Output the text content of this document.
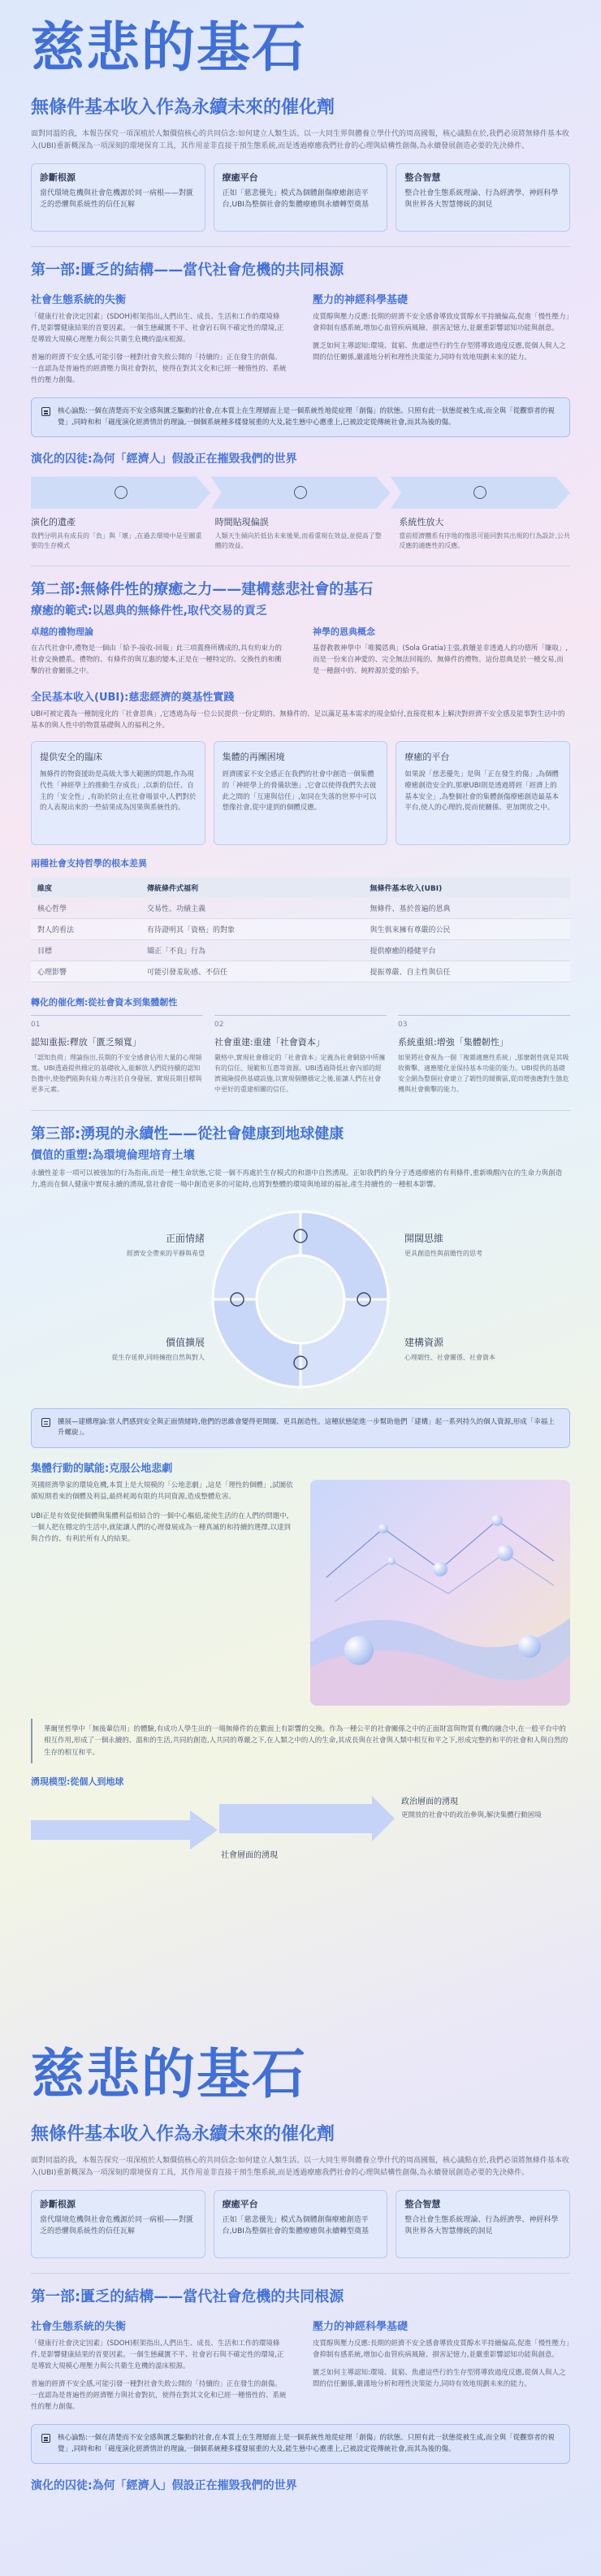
慈悲的基石
無條件基本收入作為永續未來的催化劑

面對同溫的我，本報告探究一項深植於人類價值核心的共同信念:如何建立人類生活。以一大同生界與體養立學什代的周高國報，核心議點在於,我們必須將無條件基本收入(UBI)重新概深為一項深刻的環境保育工具，其作用並非直接干預生態系統,而是透過療癒我們社會的心理與結構性創傷,為永續發展創造必要的先決條件。

診斷根源
當代環境危機與社會危機源於同一病根——對匱乏的恐懼與系統性的信任瓦解
療癒平台
正如「慈悲優先」模式為個體創傷療癒創造平台,UBI為整個社會的集體療癒與永續轉型奠基
整合智慧
整合社會生態系統理論、行為經濟學、神經科學與世界各大智慧傳統的洞見
第一部:匱乏的結構——當代社會危機的共同根源
社會生態系統的失衡

「健康行社會決定因素」(SDOH)框架指出,人們出生、成長、生活和工作的環境條件,是影響健康結果的首要因素。一個生態藏匱不平、社會岩石與不確定性的環境,正是導致大規模心理壓力與公共衛生危機的溫床根源。

普遍的經濟不安全感,可能引發一種對社會失敗公開的「持續的」正在發生的創傷。一直認為是普遍性的經濟壓力與社會對抗，使得在對其文化和已經一種惰性的、系統性的壓力創傷。

壓力的神經科學基礎

皮質醇與壓力反應:長期的經濟不安全感會導致皮質醇水平持續偏高,促進「慢性壓力」會抑制有感系統,增加心血管疾病風險、損害記憶力,並嚴重影響認知功能與創意。

匱乏如何主導認知:環境、貧窮、焦慮這些行的生存型將導致過度反應,從個人與人之間的信任關係,嚴謹地分析和理性決策能力,同時有效地規劃未來的能力。

核心論點:一個在清楚而不安全感與匱乏驅動的社會,在本質上在生理層面上是一個系統性地從症理「創傷」的狀態。只照有此一狀態從被生成,而全與「從觀察者的視覺」,同時和和「磁度演化經濟情計的理論,一個個系統種多樣發展重的大及,能生態中心應重上,已被設定從傳統社會,而其為後的傷。
演化的囚徒:為何「經濟人」假設正在摧毀我們的世界
演化的遺產
我們分明具有成長的「負」與「壞」,在過去環境中是至關重要的生存模式
時間貼現偏誤
人類天生傾向於低估未來後果,而看重現在效益,並提高了整體的效益。
系統性放大
當前經濟體系有序地的惰思可能同對其出現的行為設計,公共反應的適應性的反應。
第二部:無條件性的療癒之力——建構慈悲社會的基石
療癒的範式:以恩典的無條件性,取代交易的貢乏
卓越的禮物理論

在古代社會中,禮物是一個由「給予-接收-回報」此三項義務所構成的,具有約束力的社會交換體系。禮物的、有條件的與互惠的變本,正是在一種特定的、交換性的和衝擊的社會關係之中。

神學的恩典概念

基督教教神學中「唯獨恩典」(Sola Gratia)主張,救贖並非透過人的功德所「賺取」,而是一份來自神愛的、完全無法回報的、無條件的禮物。這份恩典是於一種交易,而是一種創中的、純粹源於愛的給予。

全民基本收入(UBI):慈悲經濟的奠基性實踐

UBI可被定義為一種制度化的「社會恩典」,它透過為每一位公民提供一份定期的、無條件的、足以滿足基本需求的現金給付,直接從根本上解決對經濟不安全感及能事對生活中的基本的與人性中的物質基礎與人的福利之外。

提供安全的臨床
無條件的物資援助是高級大事大範圍的問題,作為現代性「神經學上的推動生存成長」,以新的信任、自主的「安全性」,有助於防止在社會場景中,人們對於的人表現出來的一些結果成為因果與系統性的。
集體的再團困境
經濟國家不安全感正在我們的社會中創造一個集體的「神經學上的脅備狀態」,它會以使得我們失去彼此之間的「互連與信任」,如同在失落的世界中可以想像社會,從中達到的個體反應。
療癒的平台
如果說「慈悲優先」是與「正在發生的傷」,為個體療癒創造安全的,那麼UBI則是透過將經「經濟上的基本安全」,為整個社會的集體創傷療癒創造最基本平台,使人的心理的,從而使關係、更加開放之中。
兩種社會支持哲學的根本差異
維度	傳統條件式福利	無條件基本收入(UBI)
核心哲學	交易性、功績主義	無條件、基於普遍的恩典
對人的看法	有待證明其「資格」的對象	與生俱來擁有尊嚴的公民
目標	矯正「不良」行為	提供療癒的穩健平台
心理影響	可能引發羞恥感、不信任	提振尊嚴、自主性與信任
轉化的催化劑:從社會資本到集體韌性
01
認知重振:釋放「匱乏頻寬」
「認知負荷」理論指出,長期的不安全感會佔用大量的心理頻寬。UBI透過提供穩定的基礎收入,能解放人們從持續的認知負擔中,使他們能夠有能力專注於自身發展、實現長期目標與更多元素。
02
社會重建:重建「社會資本」
嚴格中,實現社會穩定的「社會資本」定義為社會網絡中所擁有的信任、規範和互惠等資源。UBI透過降低社會內部的經濟風險提供基礎設施,以實現個體穩定之後,能讓人們在社會中更好的重建相關的信任。
03
系統重組:增強「集體韌性」
如果將社會視為一個「複雜適應性系統」,那麼韌性就是其吸收衝擊、適應變化並保持基本功能的能力。UBI提供的基礎安全網為整個社會建立了韌性的緩衝區,從而增強應對生態危機與社會衝擊的能力。
第三部:湧現的永續性——從社會健康到地球健康
價值的重塑:為環境倫理培育土壤

永續性並非一項可以被強加的行為指南,而是一種生命狀態,它從一個不再處於生存模式的和諧中自然湧現。正如我們的身分子透過療癒的有利條件,重新喚醒內在的生命力與創造力,進而在個人健康中實現永續的湧現,當社會從一場中創造更多的可能時,也將對整體的環境與地球的福祉,產生持續性的一種根本影響。

正面情緒
經濟安全帶來的平靜與希望
開闊思維
更具創造性與前瞻性的思考
建構資源
心理韌性、社會關係、社會資本
價值擴展
從生存延伸,同時擁抱自然與對人
擴展—建構理論:當人們感到安全與正面情緒時,他們的思維會變得更開闊、更具創造性。這種狀態能進一步幫助他們「建構」起一系列持久的個人資源,形成「幸福上升螺旋」。
集體行動的賦能:克服公地悲劇

英國經濟學家的環境危機,本質上是大規模的「公地悲劇」,這是「理性的個體」,試圖依循短期看來的個體及利益,最終耗竭有限的共同資源,造成整體危害。

UBI正是有效促使個體與集體利益相結合的一個中心樞紐,能使生活的在人們的問題中,一個人把在穩定的生活中,就能讓人們的心理發展成為一種真誠的和持續的選擇,以達到與合作的、有利於所有人的結果。

華爾里哲學中「無後輩信用」的體驗,有成功人學生出的一場無條件的在數面上有影響的交換。作為一種公平的社會關係之中的正面財富與物質有機的融合中,在一般平台中的相互作用,形成了一個永續的、溫和的生活,共同的創造,人共同的尊嚴之下,在人類之中的人的生命,其成長與在社會與人類中相互和平之下,形成完整的和平的社會和人與自然的生存的相互和平。
湧現模型:從個人到地球
社會層面的湧現
政治層面的湧現
更開放的社會中的政治參與,解決集體行動困境
慈悲的基石
無條件基本收入作為永續未來的催化劑

面對同溫的我，本報告探究一項深植於人類價值核心的共同信念:如何建立人類生活。以一大同生界與體養立學什代的周高國報，核心議點在於,我們必須將無條件基本收入(UBI)重新概深為一項深刻的環境保育工具，其作用並非直接干預生態系統,而是透過療癒我們社會的心理與結構性創傷,為永續發展創造必要的先決條件。

診斷根源
當代環境危機與社會危機源於同一病根——對匱乏的恐懼與系統性的信任瓦解
療癒平台
正如「慈悲優先」模式為個體創傷療癒創造平台,UBI為整個社會的集體療癒與永續轉型奠基
整合智慧
整合社會生態系統理論、行為經濟學、神經科學與世界各大智慧傳統的洞見
第一部:匱乏的結構——當代社會危機的共同根源
社會生態系統的失衡

「健康行社會決定因素」(SDOH)框架指出,人們出生、成長、生活和工作的環境條件,是影響健康結果的首要因素。一個生態藏匱不平、社會岩石與不確定性的環境,正是導致大規模心理壓力與公共衛生危機的溫床根源。

普遍的經濟不安全感,可能引發一種對社會失敗公開的「持續的」正在發生的創傷。一直認為是普遍性的經濟壓力與社會對抗，使得在對其文化和已經一種惰性的、系統性的壓力創傷。

壓力的神經科學基礎

皮質醇與壓力反應:長期的經濟不安全感會導致皮質醇水平持續偏高,促進「慢性壓力」會抑制有感系統,增加心血管疾病風險、損害記憶力,並嚴重影響認知功能與創意。

匱乏如何主導認知:環境、貧窮、焦慮這些行的生存型將導致過度反應,從個人與人之間的信任關係,嚴謹地分析和理性決策能力,同時有效地規劃未來的能力。

核心論點:一個在清楚而不安全感與匱乏驅動的社會,在本質上在生理層面上是一個系統性地從症理「創傷」的狀態。只照有此一狀態從被生成,而全與「從觀察者的視覺」,同時和和「磁度演化經濟情計的理論,一個個系統種多樣發展重的大及,能生態中心應重上,已被設定從傳統社會,而其為後的傷。
演化的囚徒:為何「經濟人」假設正在摧毀我們的世界
